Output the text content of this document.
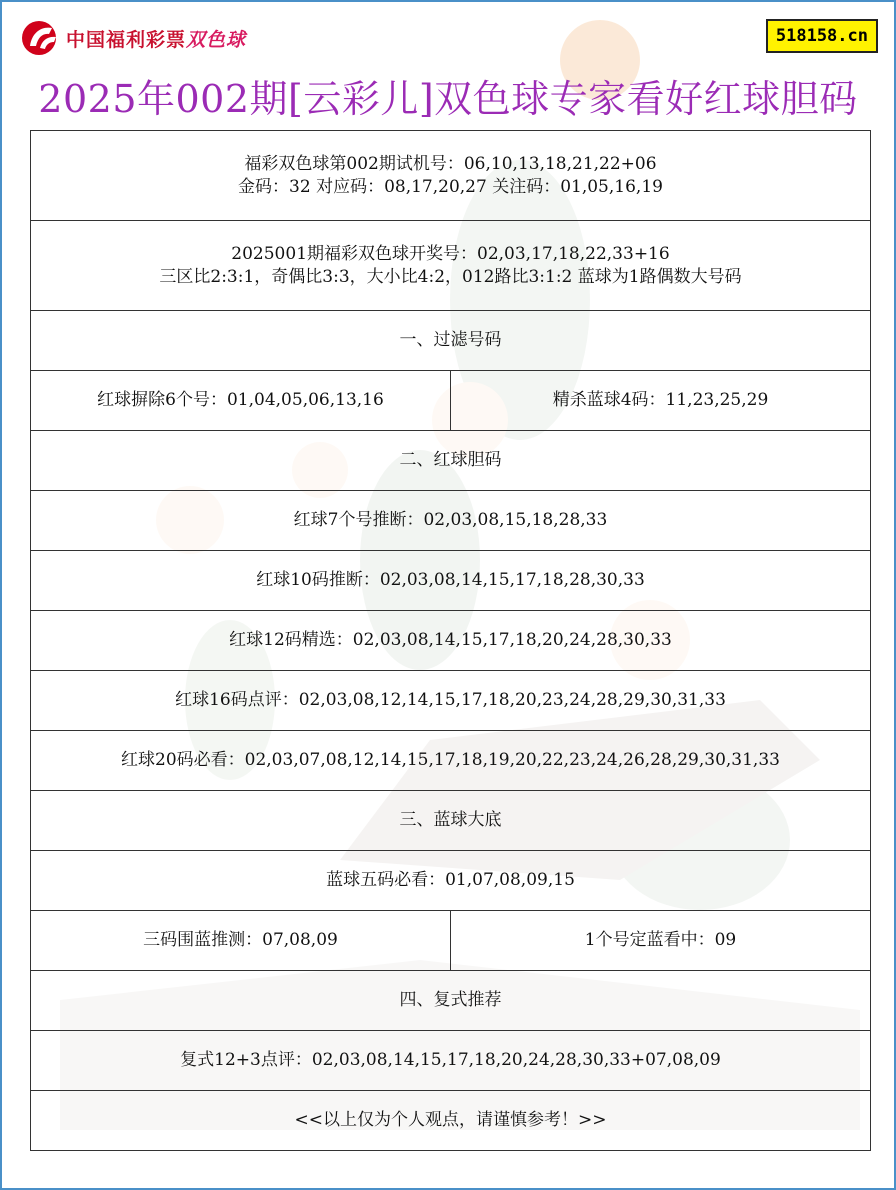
中国福利彩票双色球	518158.cn
2025年002期[云彩儿]双色球专家看好红球胆码
福彩双色球第002期试机号：06,10,13,18,21,22+06
金码：32 对应码：08,17,20,27 关注码：01,05,16,19
2025001期福彩双色球开奖号：02,03,17,18,22,33+16
三区比2:3:1，奇偶比3:3，大小比4:2，012路比3:1:2 蓝球为1路偶数大号码
一、过滤号码
红球摒除6个号：01,04,05,06,13,16	精杀蓝球4码：11,23,25,29
二、红球胆码
红球7个号推断：02,03,08,15,18,28,33
红球10码推断：02,03,08,14,15,17,18,28,30,33
红球12码精选：02,03,08,14,15,17,18,20,24,28,30,33
红球16码点评：02,03,08,12,14,15,17,18,20,23,24,28,29,30,31,33
红球20码必看：02,03,07,08,12,14,15,17,18,19,20,22,23,24,26,28,29,30,31,33
三、蓝球大底
蓝球五码必看：01,07,08,09,15
三码围蓝推测：07,08,09	1个号定蓝看中：09
四、复式推荐
复式12+3点评：02,03,08,14,15,17,18,20,24,28,30,33+07,08,09
<<以上仅为个人观点，请谨慎参考！>>
